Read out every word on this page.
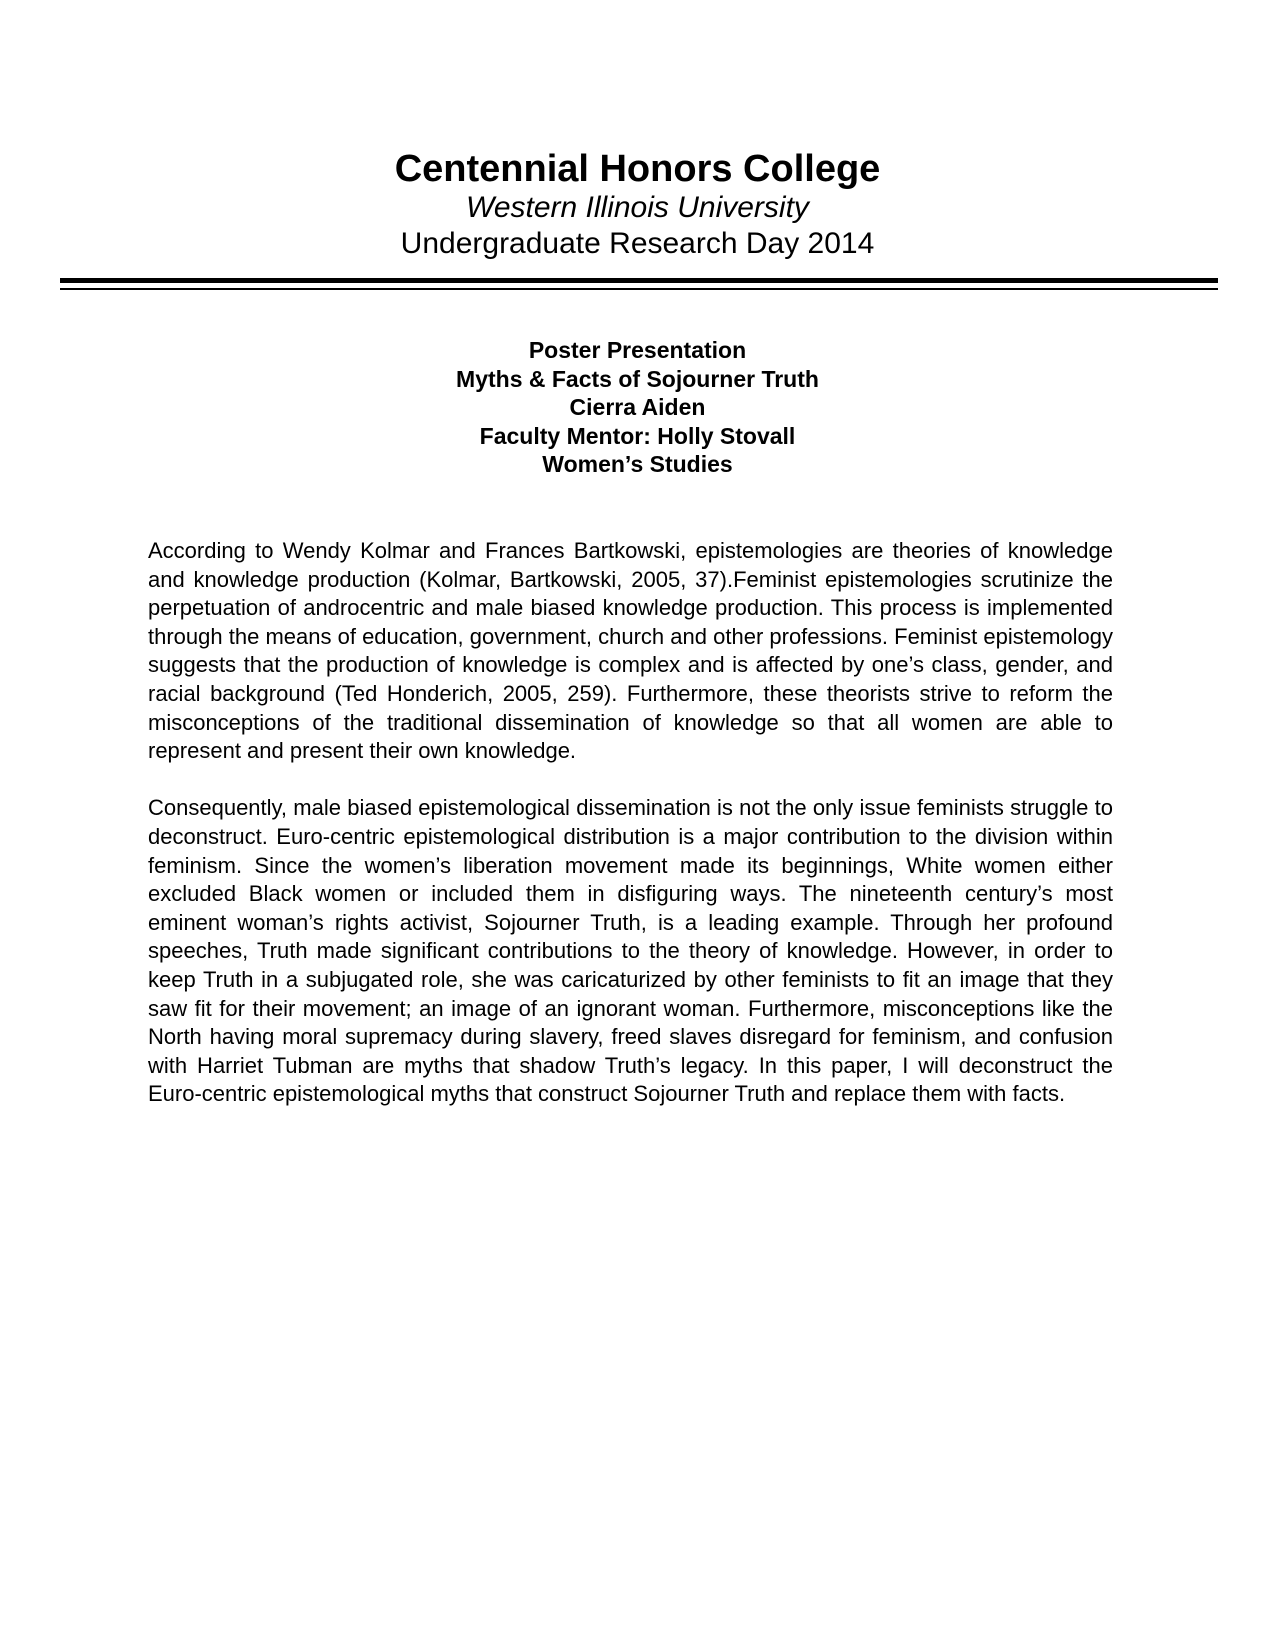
Centennial Honors College
Western Illinois University
Undergraduate Research Day 2014
Poster Presentation
Myths & Facts of Sojourner Truth
Cierra Aiden
Faculty Mentor: Holly Stovall
Women’s Studies

According to Wendy Kolmar and Frances Bartkowski, epistemologies are theories of knowledge and knowledge production (Kolmar, Bartkowski, 2005, 37).Feminist epistemologies scrutinize the perpetuation of androcentric and male biased knowledge production. This process is implemented through the means of education, government, church and other professions. Feminist epistemology suggests that the production of knowledge is complex and is affected by one’s class, gender, and racial background (Ted Honderich, 2005, 259). Furthermore, these theorists strive to reform the misconceptions of the traditional dissemination of knowledge so that all women are able to represent and present their own knowledge.

Consequently, male biased epistemological dissemination is not the only issue feminists struggle to deconstruct. Euro-centric epistemological distribution is a major contribution to the division within feminism. Since the women’s liberation movement made its beginnings, White women either excluded Black women or included them in disfiguring ways. The nineteenth century’s most eminent woman’s rights activist, Sojourner Truth, is a leading example. Through her profound speeches, Truth made significant contributions to the theory of knowledge. However, in order to keep Truth in a subjugated role, she was caricaturized by other feminists to fit an image that they saw fit for their movement; an image of an ignorant woman. Furthermore, misconceptions like the North having moral supremacy during slavery, freed slaves disregard for feminism, and confusion with Harriet Tubman are myths that shadow Truth’s legacy. In this paper, I will deconstruct the Euro-centric epistemological myths that construct Sojourner Truth and replace them with facts.
